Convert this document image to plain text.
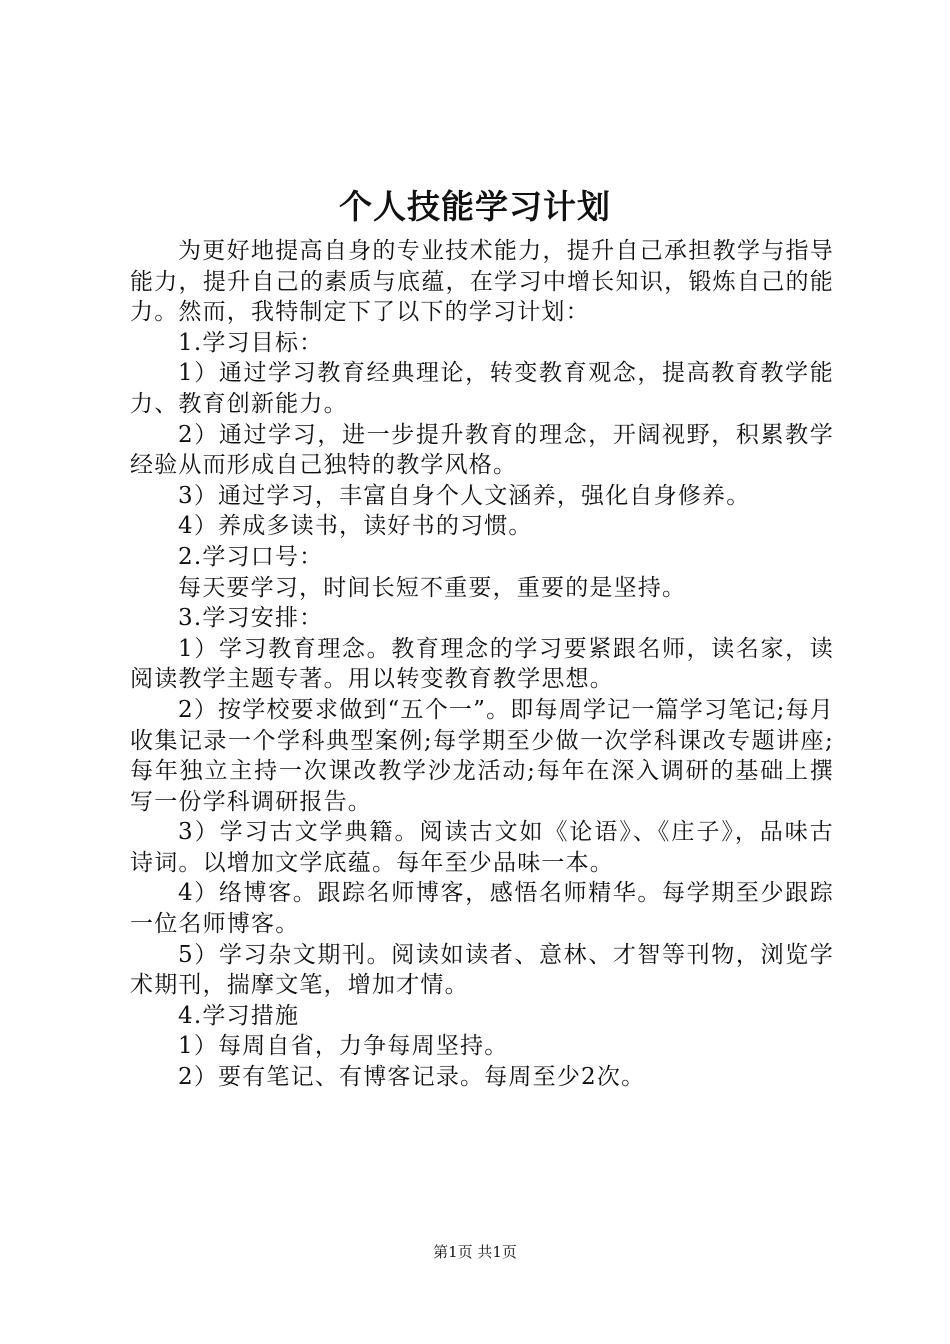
个人技能学习计划

为更好地提高自身的专业技术能力，提升自己承担教学与指导能力，提升自己的素质与底蕴，在学习中增长知识，锻炼自己的能力。然而，我特制定下了以下的学习计划：

1.学习目标：

1）通过学习教育经典理论，转变教育观念，提高教育教学能力、教育创新能力。

2）通过学习，进一步提升教育的理念，开阔视野，积累教学经验从而形成自己独特的教学风格。

3）通过学习，丰富自身个人文涵养，强化自身修养。

4）养成多读书，读好书的习惯。

2.学习口号：

每天要学习，时间长短不重要，重要的是坚持。

3.学习安排：

1）学习教育理念。教育理念的学习要紧跟名师，读名家，读阅读教学主题专著。用以转变教育教学思想。

2）按学校要求做到“五个一”。即每周学记一篇学习笔记;每月收集记录一个学科典型案例;每学期至少做一次学科课改专题讲座;每年独立主持一次课改教学沙龙活动;每年在深入调研的基础上撰写一份学科调研报告。

3）学习古文学典籍。阅读古文如《论语》、《庄子》，品味古诗词。以增加文学底蕴。每年至少品味一本。

4）络博客。跟踪名师博客，感悟名师精华。每学期至少跟踪一位名师博客。

5）学习杂文期刊。阅读如读者、意林、才智等刊物，浏览学术期刊，揣摩文笔，增加才情。

4.学习措施

1）每周自省，力争每周坚持。

2）要有笔记、有博客记录。每周至少2次。

第1页 共1页
